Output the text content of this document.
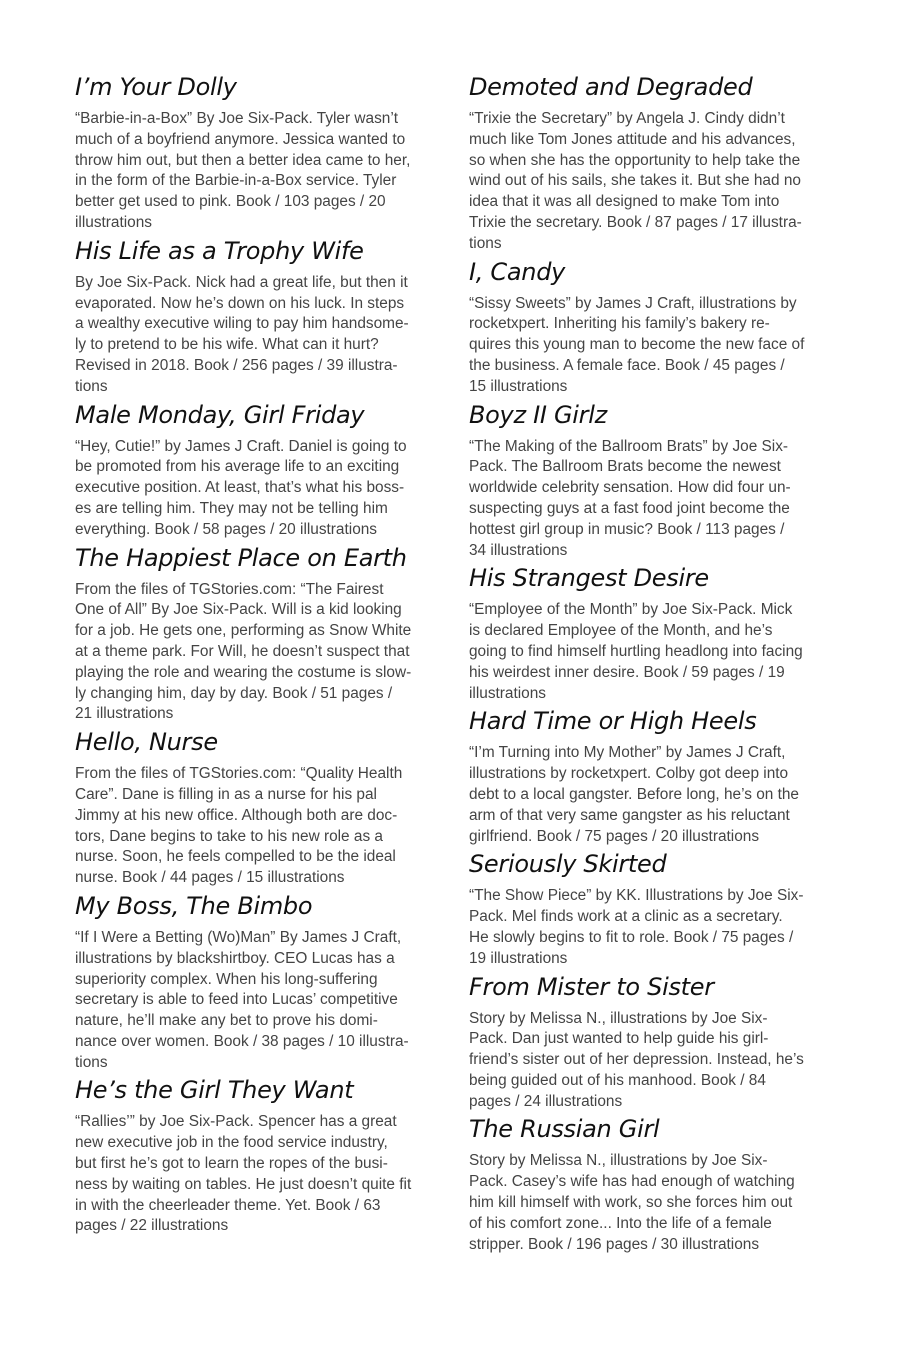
I’m Your Dolly

“Barbie-in-a-Box” By Joe Six-Pack. Tyler wasn’t
much of a boyfriend anymore. Jessica wanted to
throw him out, but then a better idea came to her,
in the form of the Barbie-in-a-Box service. Tyler
better get used to pink. Book / 103 pages / 20
illustrations

His Life as a Trophy Wife

By Joe Six-Pack. Nick had a great life, but then it
evaporated. Now he’s down on his luck. In steps
a wealthy executive wiling to pay him handsome-
ly to pretend to be his wife. What can it hurt?
Revised in 2018. Book / 256 pages / 39 illustra-
tions

Male Monday, Girl Friday

“Hey, Cutie!” by James J Craft. Daniel is going to
be promoted from his average life to an exciting
executive position. At least, that’s what his boss-
es are telling him. They may not be telling him
everything. Book / 58 pages / 20 illustrations

The Happiest Place on Earth

From the files of TGStories.com: “The Fairest
One of All” By Joe Six-Pack. Will is a kid looking
for a job. He gets one, performing as Snow White
at a theme park. For Will, he doesn’t suspect that
playing the role and wearing the costume is slow-
ly changing him, day by day. Book / 51 pages /
21 illustrations

Hello, Nurse

From the files of TGStories.com: “Quality Health
Care”. Dane is filling in as a nurse for his pal
Jimmy at his new office. Although both are doc-
tors, Dane begins to take to his new role as a
nurse. Soon, he feels compelled to be the ideal
nurse. Book / 44 pages / 15 illustrations

My Boss, The Bimbo

“If I Were a Betting (Wo)Man” By James J Craft,
illustrations by blackshirtboy. CEO Lucas has a
superiority complex. When his long-suffering
secretary is able to feed into Lucas’ competitive
nature, he’ll make any bet to prove his domi-
nance over women. Book / 38 pages / 10 illustra-
tions

He’s the Girl They Want

“Rallies’” by Joe Six-Pack. Spencer has a great
new executive job in the food service industry,
but first he’s got to learn the ropes of the busi-
ness by waiting on tables. He just doesn’t quite fit
in with the cheerleader theme. Yet. Book / 63
pages / 22 illustrations

Demoted and Degraded

“Trixie the Secretary” by Angela J. Cindy didn’t
much like Tom Jones attitude and his advances,
so when she has the opportunity to help take the
wind out of his sails, she takes it. But she had no
idea that it was all designed to make Tom into
Trixie the secretary. Book / 87 pages / 17 illustra-
tions

I, Candy

“Sissy Sweets” by James J Craft, illustrations by
rocketxpert. Inheriting his family’s bakery re-
quires this young man to become the new face of
the business. A female face. Book / 45 pages /
15 illustrations

Boyz II Girlz

“The Making of the Ballroom Brats” by Joe Six-
Pack. The Ballroom Brats become the newest
worldwide celebrity sensation. How did four un-
suspecting guys at a fast food joint become the
hottest girl group in music? Book / 113 pages /
34 illustrations

His Strangest Desire

“Employee of the Month” by Joe Six-Pack. Mick
is declared Employee of the Month, and he’s
going to find himself hurtling headlong into facing
his weirdest inner desire. Book / 59 pages / 19
illustrations

Hard Time or High Heels

“I’m Turning into My Mother” by James J Craft,
illustrations by rocketxpert. Colby got deep into
debt to a local gangster. Before long, he’s on the
arm of that very same gangster as his reluctant
girlfriend. Book / 75 pages / 20 illustrations

Seriously Skirted

“The Show Piece” by KK. Illustrations by Joe Six-
Pack. Mel finds work at a clinic as a secretary.
He slowly begins to fit to role. Book / 75 pages /
19 illustrations

From Mister to Sister

Story by Melissa N., illustrations by Joe Six-
Pack. Dan just wanted to help guide his girl-
friend’s sister out of her depression. Instead, he’s
being guided out of his manhood. Book / 84
pages / 24 illustrations

The Russian Girl

Story by Melissa N., illustrations by Joe Six-
Pack. Casey’s wife has had enough of watching
him kill himself with work, so she forces him out
of his comfort zone... Into the life of a female
stripper. Book / 196 pages / 30 illustrations
